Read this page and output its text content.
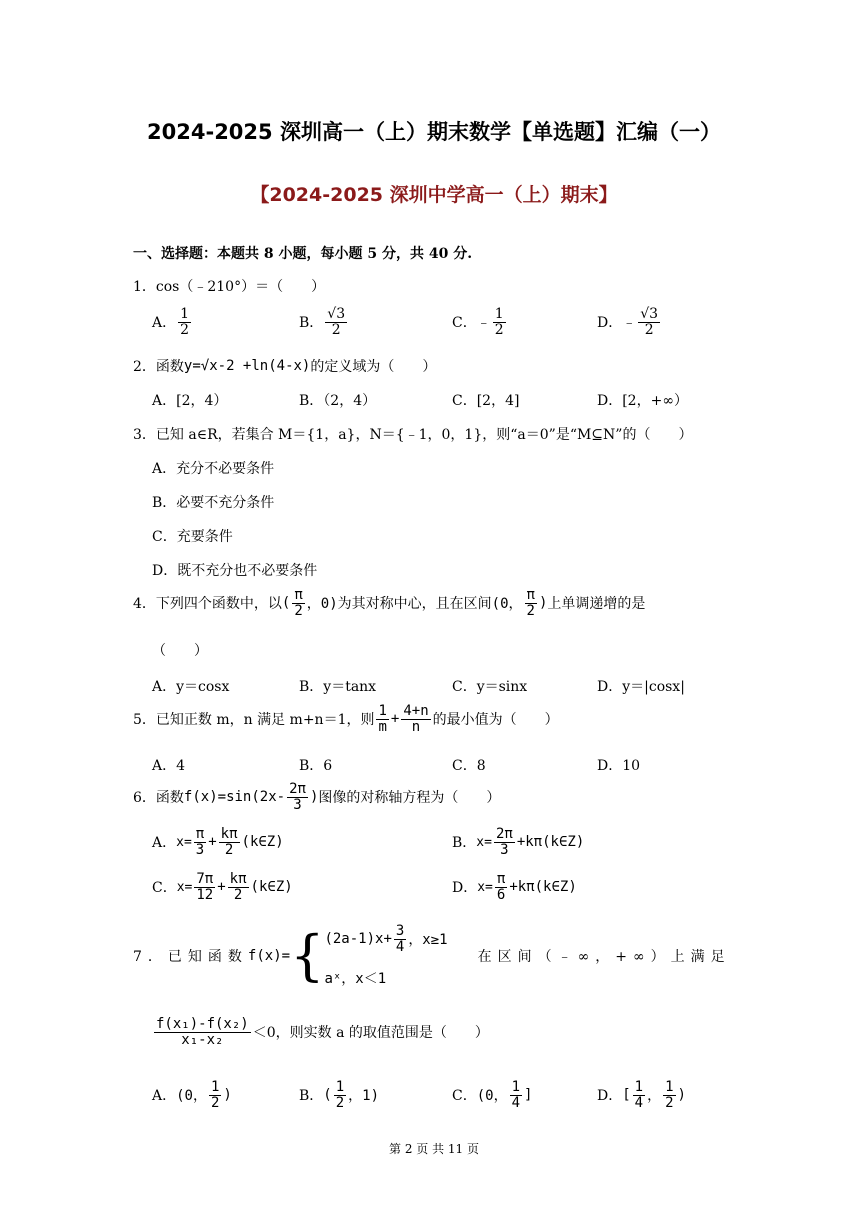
2024-2025 深圳高一（上）期末数学【单选题】汇编（一）
【2024-2025 深圳中学高一（上）期末】
一、选择题：本题共 8 小题，每小题 5 分，共 40 分.
1．cos（﹣210°）＝（　　）
A． $\frac{1}{2}$	B． $\frac{√3}{2}$	C．﹣ $\frac{1}{2}$	D．﹣ $\frac{√3}{2}$
2．函数 y=√x-2 +ln(4-x) 的定义域为（　　）
A．[2，4）	B．（2，4）	C．[2，4]	D．[2，+∞）
3．已知 a∈R，若集合 M＝{1，a}，N＝{﹣1，0，1}，则“a＝0”是“M⊆N”的（　　）
A．充分不必要条件
B．必要不充分条件
C．充要条件
D．既不充分也不必要条件
4．下列四个函数中，以 ( $\frac{\pi}{2}$ ，0) 为其对称中心，且在区间 (0， $\frac{\pi}{2}$ ) 上单调递增的是
（　　）
A．y＝cosx	B．y＝tanx	C．y＝sinx	D．y＝|cosx|
5．已知正数 m，n 满足 m+n＝1，则 $\frac{1}{m} + \frac{4+n}{n}$ 的最小值为（　　）
A．4	B．6	C．8	D．10
6．函数 $f(x)=\sin(2x- \frac{2\pi}{3}$ ) 图像的对称轴方程为（　　）
A． $x= \frac{\pi}{3} + \frac{k\pi}{2}$ (k∈Z)	B． $x= \frac{2\pi}{3}$ +kπ(k∈Z)
C． $x= \frac{7\pi}{12} + \frac{k\pi}{2}$ (k∈Z)	D． $x= \frac{\pi}{6}$ +kπ(k∈Z)
7．已知函数 f(x)= { $(2a-1)x+ \frac{3}{4}$ ，x≥1
aˣ，x＜1
在区间（﹣∞，+∞）上满足
$\frac{\text{f(x₁)-f(x₂)}}{\text{x₁-x₂}} <0$，则实数 a 的取值范围是（　　）
A． (0， $\frac{1}{2}$ )	B． ( $\frac{1}{2}$ ，1)	C． (0， $\frac{1}{4}$ ]	D． [ $\frac{1}{4}$ ， $\frac{1}{2}$ )
第 2 页 共 11 页
